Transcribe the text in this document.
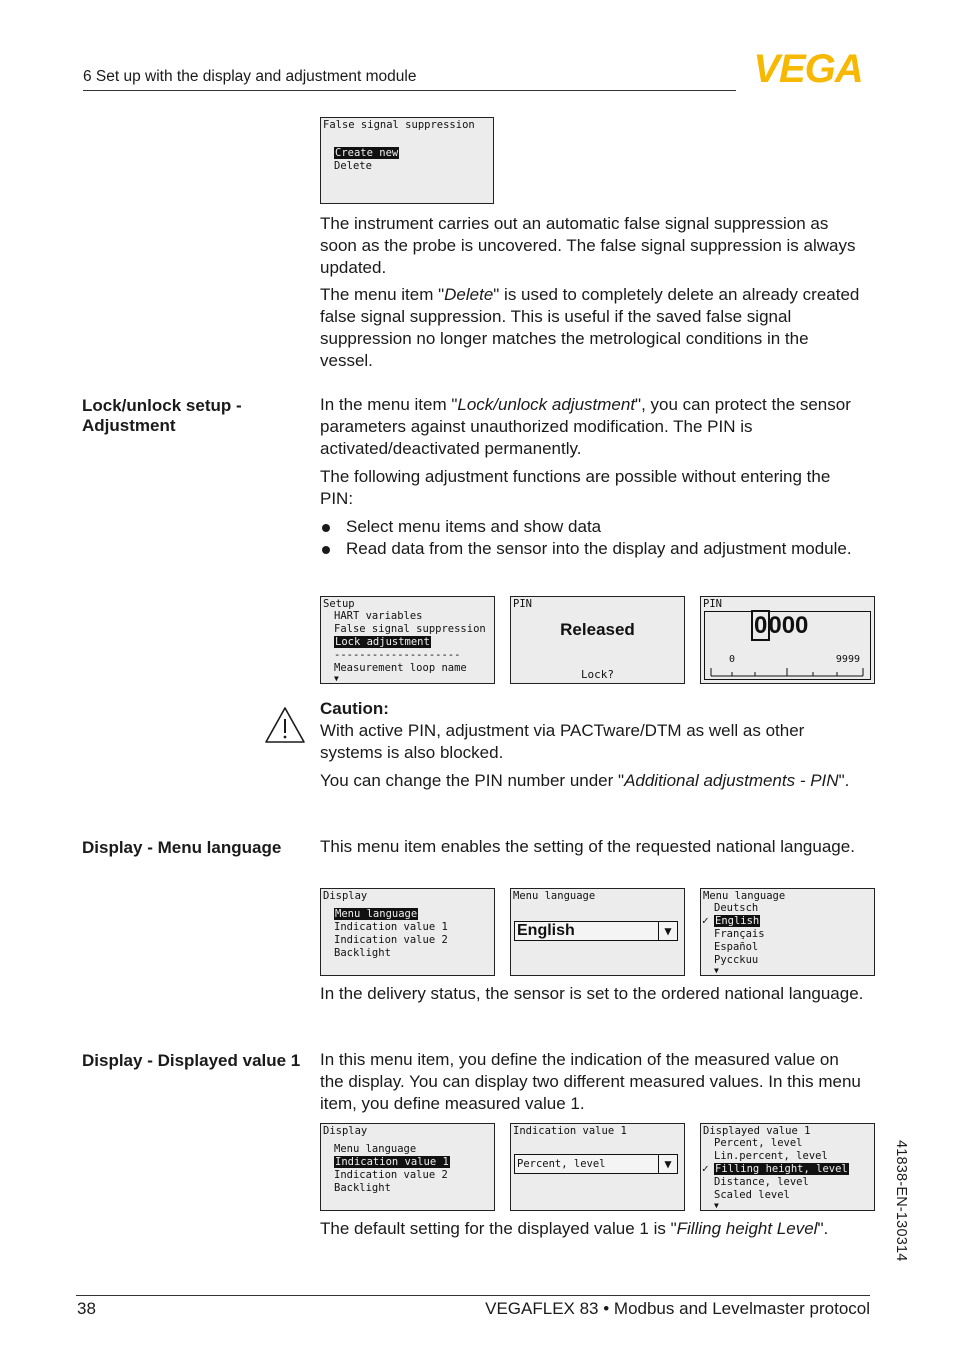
6 Set up with the display and adjustment module	VEGA
False signal suppression
Create new
Delete
The instrument carries out an automatic false signal suppression as soon as the probe is uncovered. The false signal suppression is always updated.
The menu item "Delete" is used to completely delete an already created false signal suppression. This is useful if the saved false signal suppression no longer matches the metrological conditions in the vessel.
Lock/unlock setup - Adjustment
In the menu item "Lock/unlock adjustment", you can protect the sensor parameters against unauthorized modification. The PIN is activated/deactivated permanently.
The following adjustment functions are possible without entering the PIN:
Select menu items and show data
Read data from the sensor into the display and adjustment module.
Setup
HART variables
False signal suppression
Lock adjustment
--------------------
Measurement loop name
▼
PIN
Released
Lock?
PIN
0000
0	9999
Caution:
With active PIN, adjustment via PACTware/DTM as well as other systems is also blocked.
You can change the PIN number under "Additional adjustments - PIN".
Display - Menu language	This menu item enables the setting of the requested national language.
Display
Menu language
Indication value 1
Indication value 2
Backlight
Menu language
English	▼
Menu language
✓
Deutsch
English
Français
Español
Pycckuu
▼
In the delivery status, the sensor is set to the ordered national language.
Display - Displayed value 1 In this menu item, you define the indication of the measured value on the display. You can display two different measured values. In this menu item, you define measured value 1.
Display
Menu language
Indication value 1
Indication value 2
Backlight
Indication value 1
Percent, level	▼
Displayed value 1
✓
Percent, level
Lin.percent, level
Filling height, level
Distance, level
Scaled level
▼
The default setting for the displayed value 1 is "Filling height Level".	41838-EN-130314
38	VEGAFLEX 83 • Modbus and Levelmaster protocol
